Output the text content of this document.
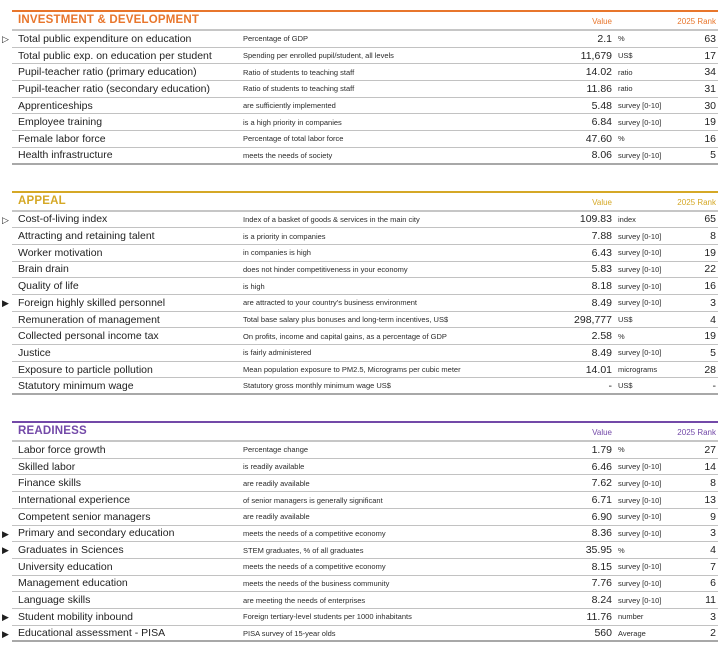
INVESTMENT & DEVELOPMENT	Value	2025 Rank
▷ Total public expenditure on education	Percentage of GDP	2.1 %	63
Total public exp. on education per student	Spending per enrolled pupil/student, all levels	11,679 US$	17
Pupil-teacher ratio (primary education)	Ratio of students to teaching staff	14.02 ratio	34
Pupil-teacher ratio (secondary education)	Ratio of students to teaching staff	11.86 ratio	31
Apprenticeships	are sufficiently implemented	5.48 survey [0-10]	30
Employee training	is a high priority in companies	6.84 survey [0-10]	19
Female labor force	Percentage of total labor force	47.60 %	16
Health infrastructure	meets the needs of society	8.06 survey [0-10]	5
APPEAL	Value	2025 Rank
▷ Cost-of-living index	Index of a basket of goods & services in the main city	109.83 index	65
Attracting and retaining talent	is a priority in companies	7.88 survey [0-10]	8
Worker motivation	in companies is high	6.43 survey [0-10]	19
Brain drain	does not hinder competitiveness in your economy	5.83 survey [0-10]	22
Quality of life	is high	8.18 survey [0-10]	16
▶ Foreign highly skilled personnel	are attracted to your country's business environment	8.49 survey [0-10]	3
Remuneration of management	Total base salary plus bonuses and long-term incentives, US$	298,777 US$	4
Collected personal income tax	On profits, income and capital gains, as a percentage of GDP	2.58 %	19
Justice	is fairly administered	8.49 survey [0-10]	5
Exposure to particle pollution	Mean population exposure to PM2.5, Micrograms per cubic meter	14.01 micrograms	28
Statutory minimum wage	Statutory gross monthly minimum wage US$	- US$	-
READINESS	Value	2025 Rank
Labor force growth	Percentage change	1.79 %	27
Skilled labor	is readily available	6.46 survey [0-10]	14
Finance skills	are readily available	7.62 survey [0-10]	8
International experience	of senior managers is generally significant	6.71 survey [0-10]	13
Competent senior managers	are readily available	6.90 survey [0-10]	9
▶ Primary and secondary education	meets the needs of a competitive economy	8.36 survey [0-10]	3
▶ Graduates in Sciences	STEM graduates, % of all graduates	35.95 %	4
University education	meets the needs of a competitive economy	8.15 survey [0-10]	7
Management education	meets the needs of the business community	7.76 survey [0-10]	6
Language skills	are meeting the needs of enterprises	8.24 survey [0-10]	11
▶ Student mobility inbound	Foreign tertiary-level students per 1000 inhabitants	11.76 number	3
▶ Educational assessment - PISA	PISA survey of 15-year olds	560 Average	2
